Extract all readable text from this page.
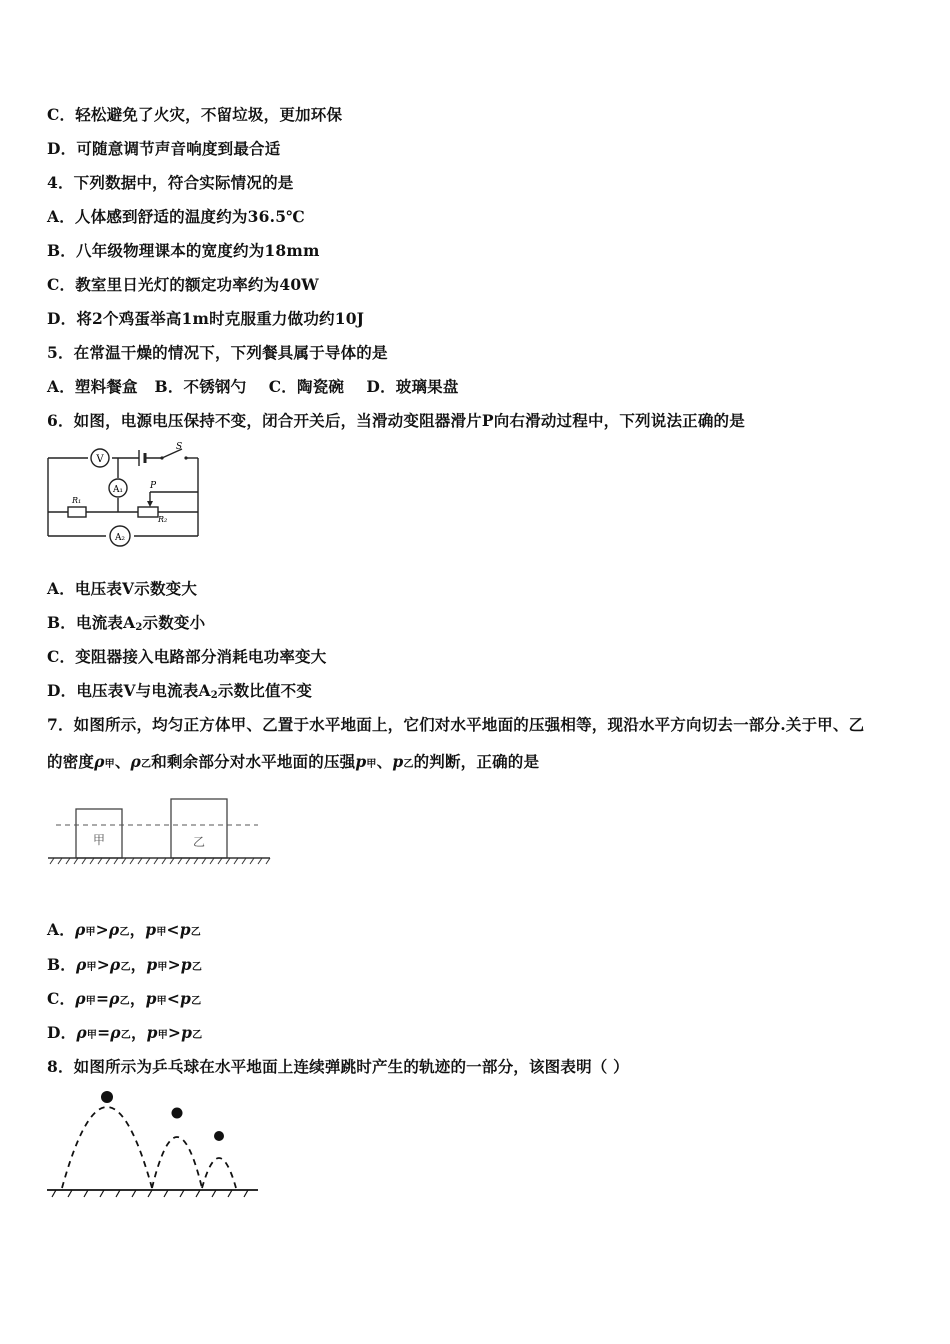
C．轻松避免了火灾，不留垃圾，更加环保
D．可随意调节声音响度到最合适
4．下列数据中，符合实际情况的是
A．人体感到舒适的温度约为36.5℃
B．八年级物理课本的宽度约为18mm
C．教室里日光灯的额定功率约为40W
D．将2个鸡蛋举高1m时克服重力做功约10J
5．在常温干燥的情况下，下列餐具属于导体的是
A．塑料餐盒   B．不锈钢勺    C．陶瓷碗    D．玻璃果盘
6．如图，电源电压保持不变，闭合开关后，当滑动变阻器滑片P向右滑动过程中，下列说法正确的是
V
A₁
A₂
S
P
R₁
R₂
A．电压表V示数变大
B．电流表$A_2$示数变小
C．变阻器接入电路部分消耗电功率变大
D．电压表V与电流表$A_2$示数比值不变
7．如图所示，均匀正方体甲、乙置于水平地面上，它们对水平地面的压强相等，现沿水平方向切去一部分.关于甲、乙
的密度ρ甲、ρ乙和剩余部分对水平地面的压强p甲、p乙的判断，正确的是
甲	乙
A．ρ甲>ρ乙，p甲<p乙
B．ρ甲>ρ乙，p甲>p乙
C．ρ甲=ρ乙，p甲<p乙
D．ρ甲=ρ乙，p甲>p乙
8．如图所示为乒乓球在水平地面上连续弹跳时产生的轨迹的一部分，该图表明（ ）
